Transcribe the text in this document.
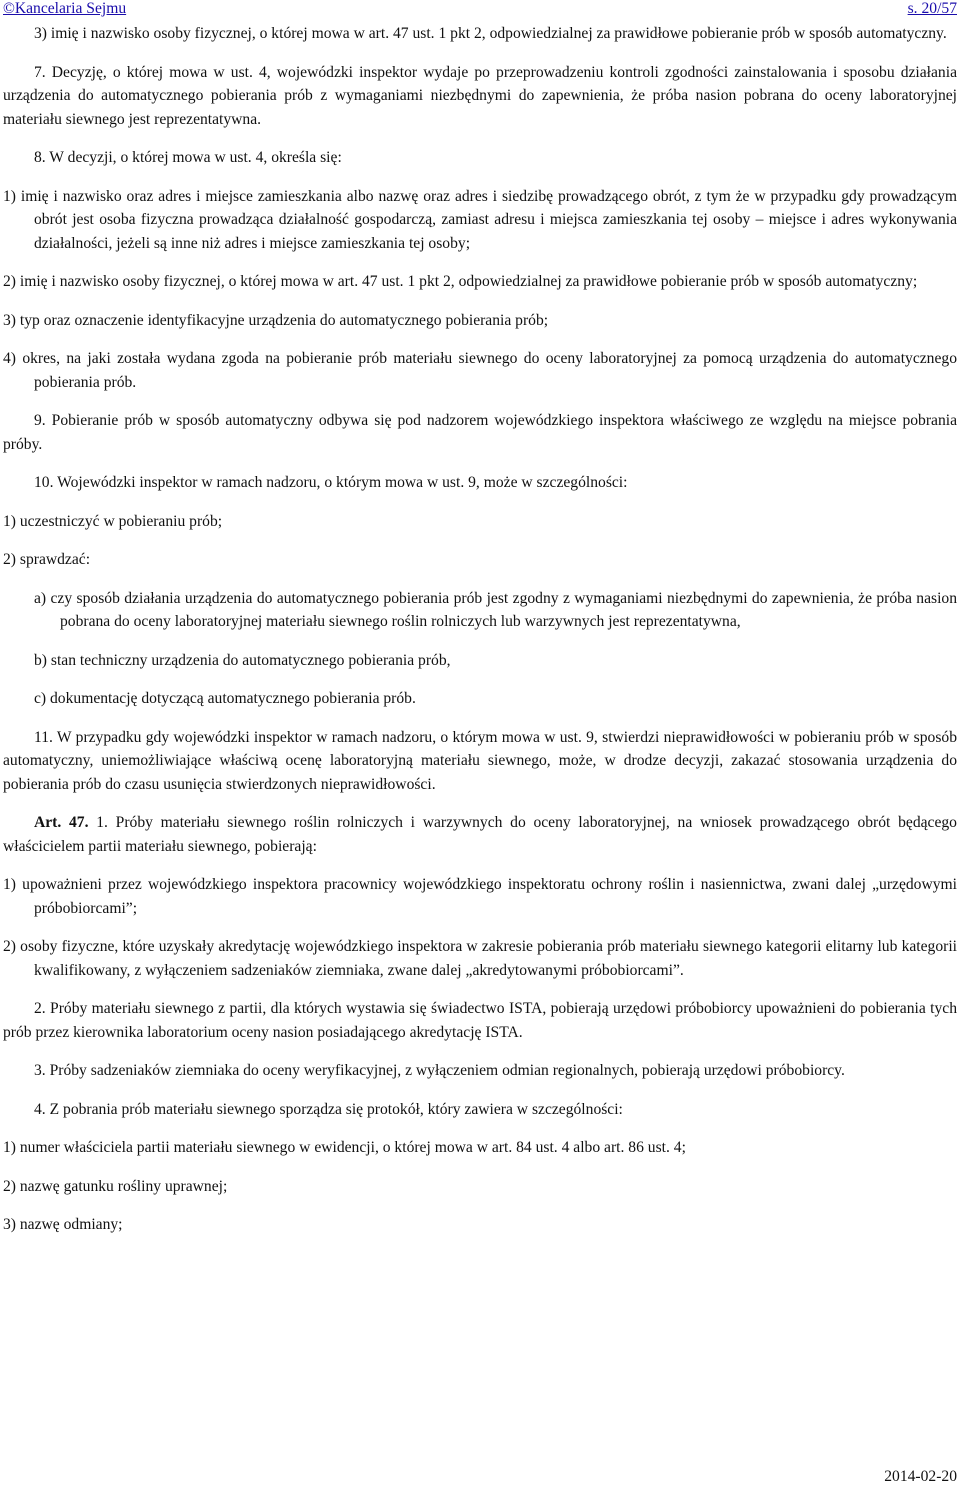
©Kancelaria Sejmu	s. 20/57

3) imię i nazwisko osoby fizycznej, o której mowa w art. 47 ust. 1 pkt 2, odpowiedzialnej za prawidłowe pobieranie prób w sposób automatyczny.

7. Decyzję, o której mowa w ust. 4, wojewódzki inspektor wydaje po przeprowadzeniu kontroli zgodności zainstalowania i sposobu działania urządzenia do automatycznego pobierania prób z wymaganiami niezbędnymi do zapewnienia, że próba nasion pobrana do oceny laboratoryjnej materiału siewnego jest reprezentatywna.

8. W decyzji, o której mowa w ust. 4, określa się:

1) imię i nazwisko oraz adres i miejsce zamieszkania albo nazwę oraz adres i siedzibę prowadzącego obrót, z tym że w przypadku gdy prowadzącym obrót jest osoba fizyczna prowadząca działalność gospodarczą, zamiast adresu i miejsca zamieszkania tej osoby – miejsce i adres wykonywania działalności, jeżeli są inne niż adres i miejsce zamieszkania tej osoby;

2) imię i nazwisko osoby fizycznej, o której mowa w art. 47 ust. 1 pkt 2, odpowiedzialnej za prawidłowe pobieranie prób w sposób automatyczny;

3) typ oraz oznaczenie identyfikacyjne urządzenia do automatycznego pobierania prób;

4) okres, na jaki została wydana zgoda na pobieranie prób materiału siewnego do oceny laboratoryjnej za pomocą urządzenia do automatycznego pobierania prób.

9. Pobieranie prób w sposób automatyczny odbywa się pod nadzorem wojewódzkiego inspektora właściwego ze względu na miejsce pobrania próby.

10. Wojewódzki inspektor w ramach nadzoru, o którym mowa w ust. 9, może w szczególności:

1) uczestniczyć w pobieraniu prób;

2) sprawdzać:

a) czy sposób działania urządzenia do automatycznego pobierania prób jest zgodny z wymaganiami niezbędnymi do zapewnienia, że próba nasion pobrana do oceny laboratoryjnej materiału siewnego roślin rolniczych lub warzywnych jest reprezentatywna,

b) stan techniczny urządzenia do automatycznego pobierania prób,

c) dokumentację dotyczącą automatycznego pobierania prób.

11. W przypadku gdy wojewódzki inspektor w ramach nadzoru, o którym mowa w ust. 9, stwierdzi nieprawidłowości w pobieraniu prób w sposób automatyczny, uniemożliwiające właściwą ocenę laboratoryjną materiału siewnego, może, w drodze decyzji, zakazać stosowania urządzenia do pobierania prób do czasu usunięcia stwierdzonych nieprawidłowości.

Art. 47. 1. Próby materiału siewnego roślin rolniczych i warzywnych do oceny laboratoryjnej, na wniosek prowadzącego obrót będącego właścicielem partii materiału siewnego, pobierają:

1) upoważnieni przez wojewódzkiego inspektora pracownicy wojewódzkiego inspektoratu ochrony roślin i nasiennictwa, zwani dalej „urzędowymi próbobiorcami”;

2) osoby fizyczne, które uzyskały akredytację wojewódzkiego inspektora w zakresie pobierania prób materiału siewnego kategorii elitarny lub kategorii kwalifikowany, z wyłączeniem sadzeniaków ziemniaka, zwane dalej „akredytowanymi próbobiorcami”.

2. Próby materiału siewnego z partii, dla których wystawia się świadectwo ISTA, pobierają urzędowi próbobiorcy upoważnieni do pobierania tych prób przez kierownika laboratorium oceny nasion posiadającego akredytację ISTA.

3. Próby sadzeniaków ziemniaka do oceny weryfikacyjnej, z wyłączeniem odmian regionalnych, pobierają urzędowi próbobiorcy.

4. Z pobrania prób materiału siewnego sporządza się protokół, który zawiera w szczególności:

1) numer właściciela partii materiału siewnego w ewidencji, o której mowa w art. 84 ust. 4 albo art. 86 ust. 4;

2) nazwę gatunku rośliny uprawnej;

3) nazwę odmiany;

2014-02-20
